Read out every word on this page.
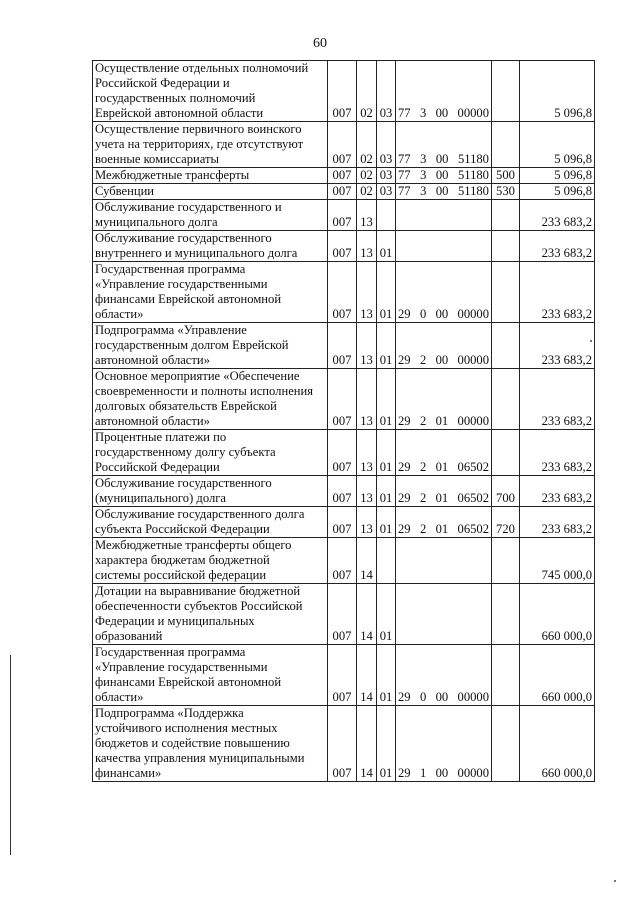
60
Осуществление отдельных полномочий
Российской Федерации и
государственных полномочий
Еврейской автономной области	007	02	03	77 3 00 00000		5 096,8

Осуществление первичного воинского
учета на территориях, где отсутствуют
военные комиссариаты	007	02	03	77 3 00 51180		5 096,8

Межбюджетные трансферты	007	02	03	77 3 00 51180	500	5 096,8

Субвенции	007	02	03	77 3 00 51180	530	5 096,8

Обслуживание государственного и
муниципального долга	007	13				233 683,2

Обслуживание государственного
внутреннего и муниципального долга	007	13	01			233 683,2

Государственная программа
«Управление государственными
финансами Еврейской автономной
области»	007	13	01	29 0 00 00000		233 683,2

Подпрограмма «Управление
государственным долгом Еврейской
автономной области»	007	13	01	29 2 00 00000		233 683,2

Основное мероприятие «Обеспечение
своевременности и полноты исполнения
долговых обязательств Еврейской
автономной области»	007	13	01	29 2 01 00000		233 683,2

Процентные платежи по
государственному долгу субъекта
Российской Федерации	007	13	01	29 2 01 06502		233 683,2

Обслуживание государственного
(муниципального) долга	007	13	01	29 2 01 06502	700	233 683,2

Обслуживание государственного долга
субъекта Российской Федерации	007	13	01	29 2 01 06502	720	233 683,2

Межбюджетные трансферты общего
характера бюджетам бюджетной
системы российской федерации	007	14				745 000,0

Дотации на выравнивание бюджетной
обеспеченности субъектов Российской
Федерации и муниципальных
образований	007	14	01			660 000,0

Государственная программа
«Управление государственными
финансами Еврейской автономной
области»	007	14	01	29 0 00 00000		660 000,0

Подпрограмма «Поддержка
устойчивого исполнения местных
бюджетов и содействие повышению
качества управления муниципальными
финансами»	007	14	01	29 1 00 00000		660 000,0
